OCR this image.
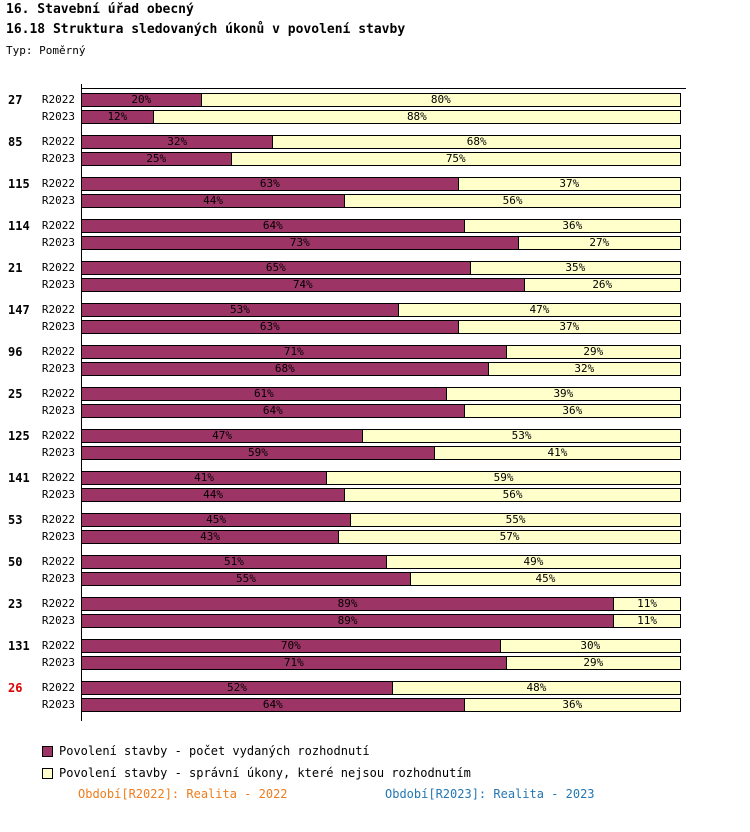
16. Stavební úřad obecný
16.18 Struktura sledovaných úkonů v povolení stavby
Typ: Poměrný
27	R2022	20%	80%
R2023	12%	88%
85	R2022	32%	68%
R2023	25%	75%
115	R2022	63%	37%
R2023	44%	56%
114	R2022	64%	36%
R2023	73%	27%
21	R2022	65%	35%
R2023	74%	26%
147	R2022	53%	47%
R2023	63%	37%
96	R2022	71%	29%
R2023	68%	32%
25	R2022	61%	39%
R2023	64%	36%
125	R2022	47%	53%
R2023	59%	41%
141	R2022	41%	59%
R2023	44%	56%
53	R2022	45%	55%
R2023	43%	57%
50	R2022	51%	49%
R2023	55%	45%
23	R2022	89%	11%
R2023	89%	11%
131	R2022	70%	30%
R2023	71%	29%
26	R2022	52%	48%
R2023	64%	36%
Povolení stavby - počet vydaných rozhodnutí
Povolení stavby - správní úkony, které nejsou rozhodnutím
Období[R2022]: Realita - 2022	Období[R2023]: Realita - 2023
